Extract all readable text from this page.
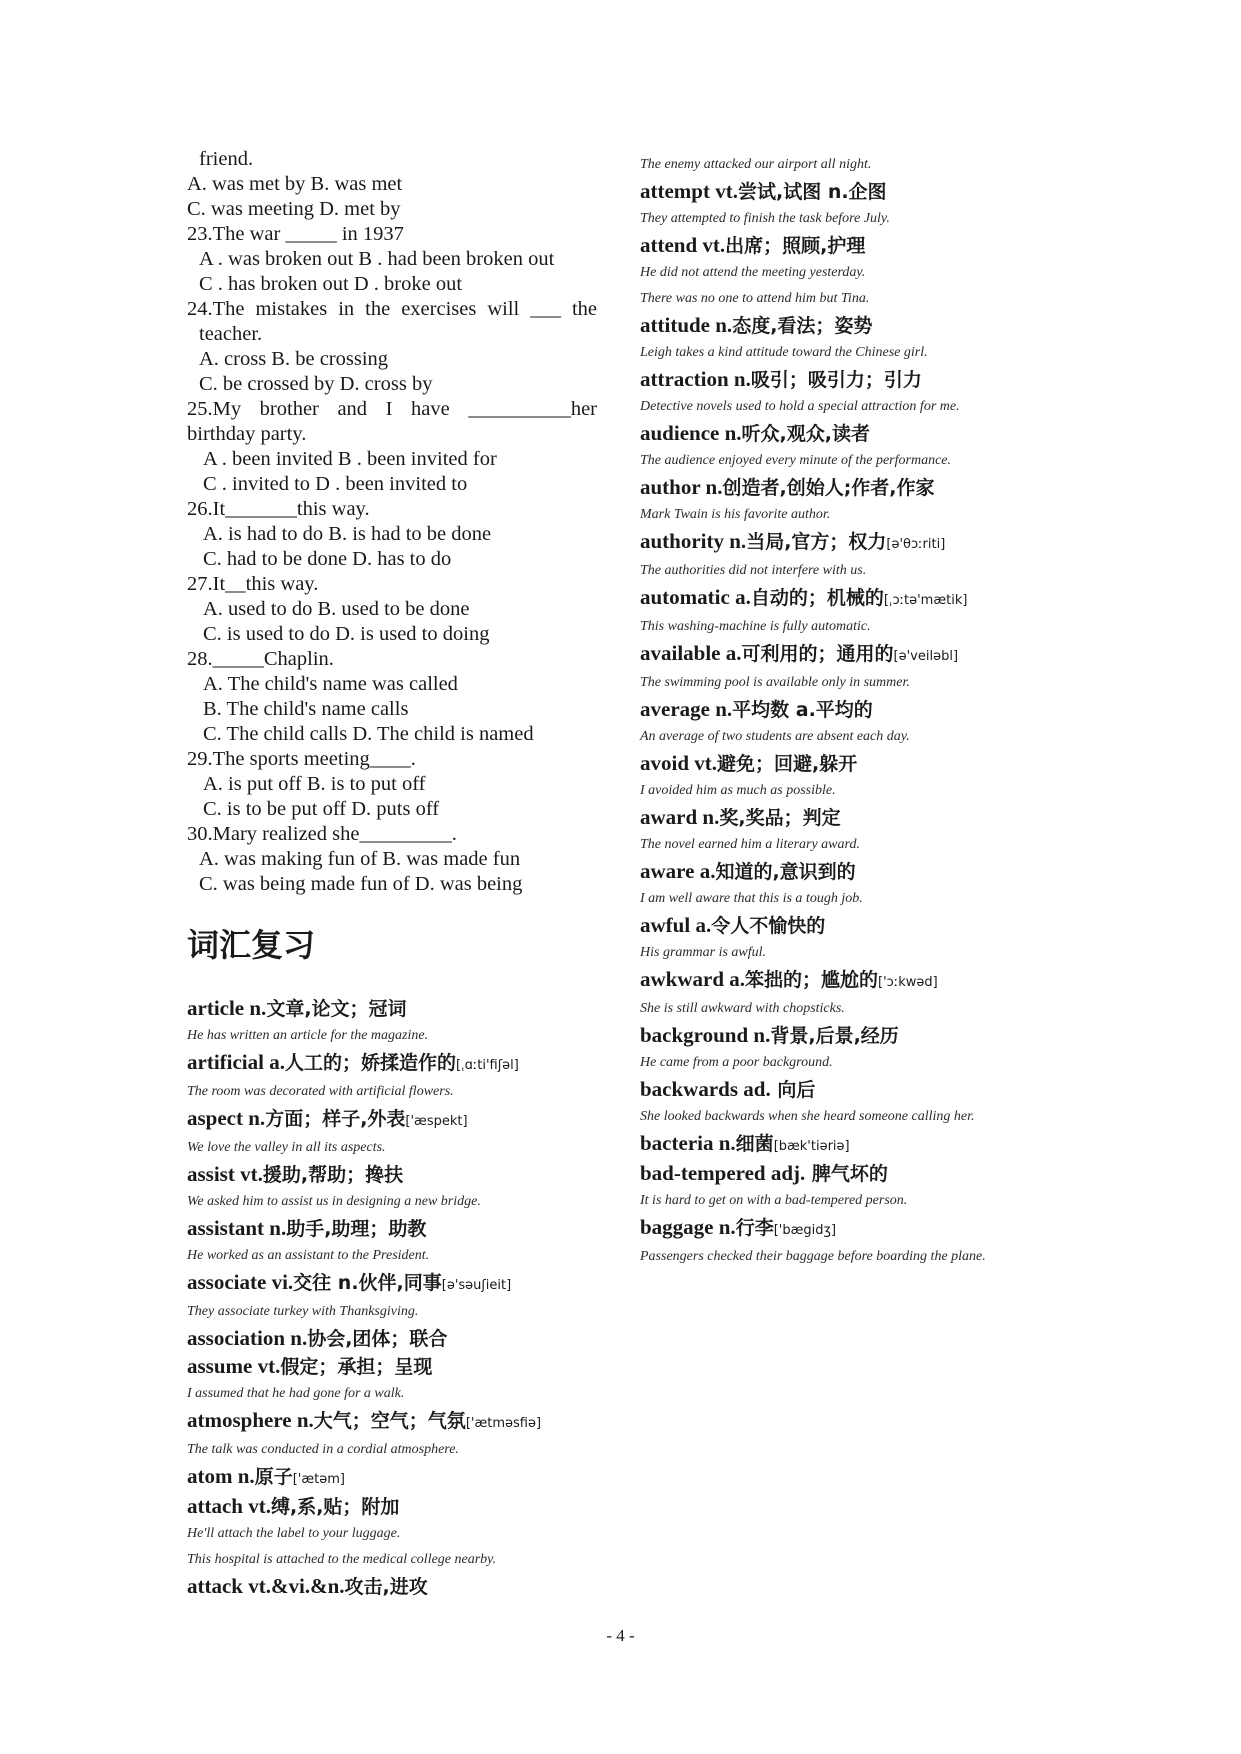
friend.
A. was met by B. was met
C. was meeting D. met by
23.The war _____ in 1937
A . was broken out B . had been broken out
C . has broken out D . broke out
24.The mistakes in the exercises will ___ the
teacher.
A. cross B. be crossing
C. be crossed by D. cross by
25.My brother and I have __________her
birthday party.
A . been invited B . been invited for
C . invited to D . been invited to
26.It_______this way.
A. is had to do B. is had to be done
C. had to be done D. has to do
27.It__this way.
A. used to do B. used to be done
C. is used to do D. is used to doing
28._____Chaplin.
A. The child's name was called
B. The child's name calls
C. The child calls D. The child is named
29.The sports meeting____.
A. is put off B. is to put off
C. is to be put off D. puts off
30.Mary realized she_________.
A. was making fun of B. was made fun
C. was being made fun of D. was being
词汇复习
article n.文章,论文；冠词
He has written an article for the magazine.
artificial a.人工的；娇揉造作的[ˌɑːti'fiʃəl]
The room was decorated with artificial flowers.
aspect n.方面；样子,外表['æspekt]
We love the valley in all its aspects.
assist vt.援助,帮助；搀扶
We asked him to assist us in designing a new bridge.
assistant n.助手,助理；助教
He worked as an assistant to the President.
associate vi.交往 n.伙伴,同事[ə'səuʃieit]
They associate turkey with Thanksgiving.
association n.协会,团体；联合
assume vt.假定；承担；呈现
I assumed that he had gone for a walk.
atmosphere n.大气；空气；气氛['ætməsfiə]
The talk was conducted in a cordial atmosphere.
atom n.原子['ætəm]
attach vt.缚,系,贴；附加
He'll attach the label to your luggage.
This hospital is attached to the medical college nearby.
attack vt.&vi.&n.攻击,进攻
The enemy attacked our airport all night.
attempt vt.尝试,试图 n.企图
They attempted to finish the task before July.
attend vt.出席；照顾,护理
He did not attend the meeting yesterday.
There was no one to attend him but Tina.
attitude n.态度,看法；姿势
Leigh takes a kind attitude toward the Chinese girl.
attraction n.吸引；吸引力；引力
Detective novels used to hold a special attraction for me.
audience n.听众,观众,读者
The audience enjoyed every minute of the performance.
author n.创造者,创始人;作者,作家
Mark Twain is his favorite author.
authority n.当局,官方；权力[ə'θɔːriti]
The authorities did not interfere with us.
automatic a.自动的；机械的[ˌɔːtə'mætik]
This washing-machine is fully automatic.
available a.可利用的；通用的[ə'veiləbl]
The swimming pool is available only in summer.
average n.平均数 a.平均的
An average of two students are absent each day.
avoid vt.避免；回避,躲开
I avoided him as much as possible.
award n.奖,奖品；判定
The novel earned him a literary award.
aware a.知道的,意识到的
I am well aware that this is a tough job.
awful a.令人不愉快的
His grammar is awful.
awkward a.笨拙的；尴尬的['ɔːkwəd]
She is still awkward with chopsticks.
background n.背景,后景,经历
He came from a poor background.
backwards ad. 向后
She looked backwards when she heard someone calling her.
bacteria n.细菌[bæk'tiəriə]
bad-tempered adj. 脾气坏的
It is hard to get on with a bad-tempered person.
baggage n.行李['bægidʒ]
Passengers checked their baggage before boarding the plane.
- 4 -
